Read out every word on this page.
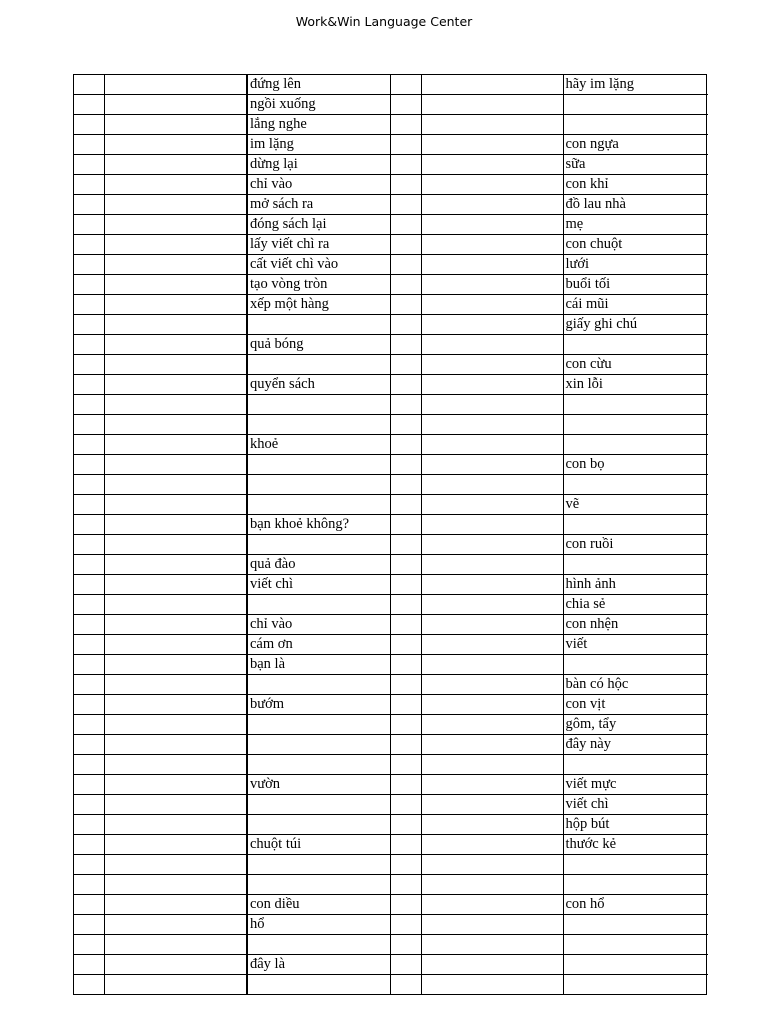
Work&Win Language Center
		đứng lên			hãy im lặng
		ngồi xuống			
		lắng nghe			
		im lặng			con ngựa
		dừng lại			sữa
		chỉ vào			con khỉ
		mở sách ra			đồ lau nhà
		đóng sách lại			mẹ
		lấy viết chì ra			con chuột
		cất viết chì vào			lưới
		tạo vòng tròn			buổi tối
		xếp một hàng			cái mũi
					giấy ghi chú
		quả bóng			
					con cừu
		quyển sách			xin lỗi

		khoẻ			
					con bọ

					vẽ
		bạn khoẻ không?			
					con ruồi
		quả đào			
		viết chì			hình ảnh
					chia sẻ
		chỉ vào			con nhện
		cám ơn			viết
		bạn là			
					bàn có hộc
		bướm			con vịt
					gôm, tẩy
					đây này

		vườn			viết mực
					viết chì
					hộp bút
		chuột túi			thước kẻ

		con diều			con hổ
		hổ			

		đây là			
